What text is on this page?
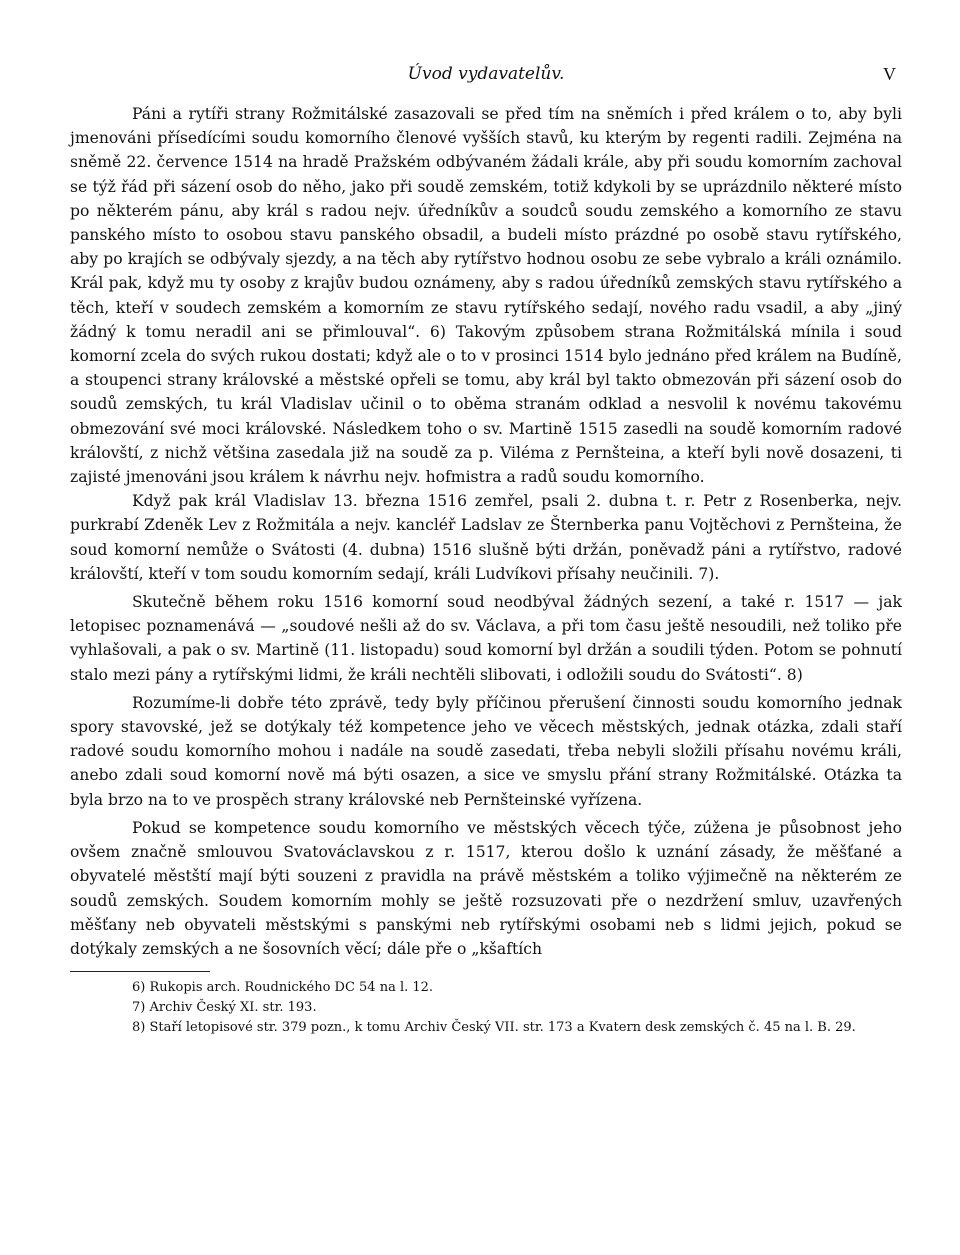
Úvod vydavatelův.	V

Páni a rytíři strany Rožmitálské zasazovali se před tím na sněmích i před králem o to, aby byli jmenováni přísedícími soudu komorního členové vyšších stavů, ku kterým by regenti radili. Zejména na sněmě 22. července 1514 na hradě Pražském odbývaném žádali krále, aby při soudu komorním zachoval se týž řád při sázení osob do něho, jako při soudě zemském, totiž kdykoli by se uprázdnilo některé místo po některém pánu, aby král s radou nejv. úředníkův a soudců soudu zemského a komorního ze stavu panského místo to osobou stavu panského obsadil, a budeli místo prázdné po osobě stavu rytířského, aby po krajích se odbývaly sjezdy, a na těch aby rytířstvo hodnou osobu ze sebe vybralo a králi oznámilo. Král pak, když mu ty osoby z krajův budou oznámeny, aby s radou úředníků zemských stavu rytířského a těch, kteří v soudech zemském a komorním ze stavu rytířského sedají, nového radu vsadil, a aby „jiný žádný k tomu neradil ani se přimlouval“. 6) Takovým způsobem strana Rožmitálská mínila i soud komorní zcela do svých rukou dostati; když ale o to v prosinci 1514 bylo jednáno před králem na Budíně, a stoupenci strany královské a městské opřeli se tomu, aby král byl takto obmezován při sázení osob do soudů zemských, tu král Vladislav učinil o to oběma stranám odklad a nesvolil k novému takovému obmezování své moci královské. Následkem toho o sv. Martině 1515 zasedli na soudě komorním radové královští, z nichž většina zasedala již na soudě za p. Viléma z Pernšteina, a kteří byli nově dosazeni, ti zajisté jmenováni jsou králem k návrhu nejv. hofmistra a radů soudu komorního.

Když pak král Vladislav 13. března 1516 zemřel, psali 2. dubna t. r. Petr z Rosenberka, nejv. purkrabí Zdeněk Lev z Rožmitála a nejv. kancléř Ladslav ze Šternberka panu Vojtěchovi z Pernšteina, že soud komorní nemůže o Svátosti (4. dubna) 1516 slušně býti držán, poněvadž páni a rytířstvo, radové královští, kteří v tom soudu komorním sedají, králi Ludvíkovi přísahy neučinili. 7).

Skutečně během roku 1516 komorní soud neodbýval žádných sezení, a také r. 1517 — jak letopisec poznamenává — „soudové nešli až do sv. Václava, a při tom času ještě nesoudili, než toliko pře vyhlašovali, a pak o sv. Martině (11. listopadu) soud komorní byl držán a soudili týden. Potom se pohnutí stalo mezi pány a rytířskými lidmi, že králi nechtěli slibovati, i odložili soudu do Svátosti“. 8)

Rozumíme-li dobře této zprávě, tedy byly příčinou přerušení činnosti soudu komorního jednak spory stavovské, jež se dotýkaly též kompetence jeho ve věcech městských, jednak otázka, zdali staří radové soudu komorního mohou i nadále na soudě zasedati, třeba nebyli složili přísahu novému králi, anebo zdali soud komorní nově má býti osazen, a sice ve smyslu přání strany Rožmitálské. Otázka ta byla brzo na to ve prospěch strany královské neb Pernšteinské vyřízena.

Pokud se kompetence soudu komorního ve městských věcech týče, zúžena je působnost jeho ovšem značně smlouvou Svatováclavskou z r. 1517, kterou došlo k uznání zásady, že měšťané a obyvatelé městští mají býti souzeni z pravidla na právě městském a toliko výjimečně na některém ze soudů zemských. Soudem komorním mohly se ještě rozsuzovati pře o nezdržení smluv, uzavřených měšťany neb obyvateli městskými s panskými neb rytířskými osobami neb s lidmi jejich, pokud se dotýkaly zemských a ne šosovních věcí; dále pře o „kšaftích

6) Rukopis arch. Roudnického DC 54 na l. 12.

7) Archiv Český XI. str. 193.

8) Staří letopisové str. 379 pozn., k tomu Archiv Český VII. str. 173 a Kvatern desk zemských č. 45 na l. B. 29.
